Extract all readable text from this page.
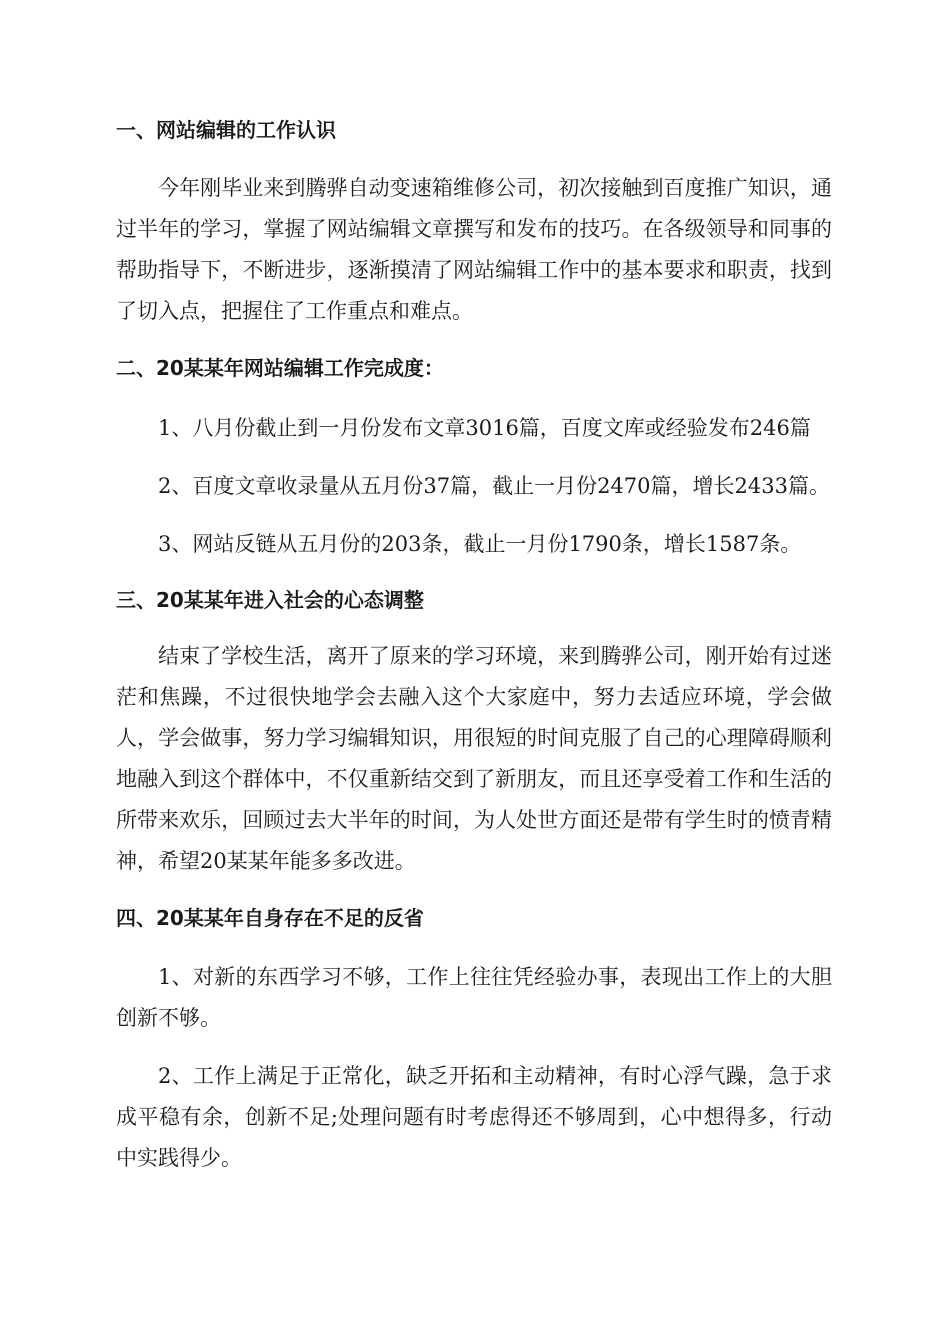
一、网站编辑的工作认识

今年刚毕业来到腾骅自动变速箱维修公司，初次接触到百度推广知识，通过半年的学习，掌握了网站编辑文章撰写和发布的技巧。在各级领导和同事的帮助指导下，不断进步，逐渐摸清了网站编辑工作中的基本要求和职责，找到了切入点，把握住了工作重点和难点。

二、20某某年网站编辑工作完成度：

1、八月份截止到一月份发布文章3016篇，百度文库或经验发布246篇

2、百度文章收录量从五月份37篇，截止一月份2470篇，增长2433篇。

3、网站反链从五月份的203条，截止一月份1790条，增长1587条。

三、20某某年进入社会的心态调整

结束了学校生活，离开了原来的学习环境，来到腾骅公司，刚开始有过迷茫和焦躁，不过很快地学会去融入这个大家庭中，努力去适应环境，学会做人，学会做事，努力学习编辑知识，用很短的时间克服了自己的心理障碍顺利地融入到这个群体中，不仅重新结交到了新朋友，而且还享受着工作和生活的所带来欢乐，回顾过去大半年的时间，为人处世方面还是带有学生时的愤青精神，希望20某某年能多多改进。

四、20某某年自身存在不足的反省

1、对新的东西学习不够，工作上往往凭经验办事，表现出工作上的大胆创新不够。

2、工作上满足于正常化，缺乏开拓和主动精神，有时心浮气躁，急于求成平稳有余，创新不足;处理问题有时考虑得还不够周到，心中想得多，行动中实践得少。
